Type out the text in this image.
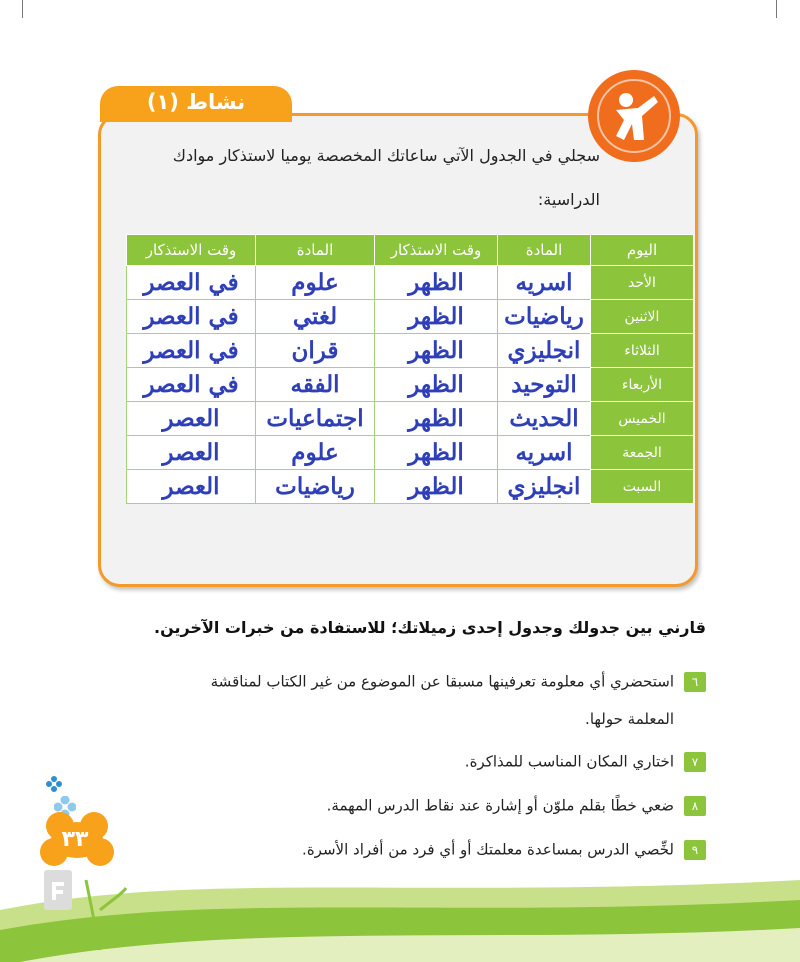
نشاط (١)
سجلي في الجدول الآتي ساعاتك المخصصة يوميا لاستذكار موادك
الدراسية:
اليوم	المادة	وقت الاستذكار	المادة	وقت الاستذكار
الأحد	اسريه	الظهر	علوم	في العصر
الاثنين	رياضيات	الظهر	لغتي	في العصر
الثلاثاء	انجليزي	الظهر	قران	في العصر
الأربعاء	التوحيد	الظهر	الفقه	في العصر
الخميس	الحديث	الظهر	اجتماعيات	العصر
الجمعة	اسريه	الظهر	علوم	العصر
السبت	انجليزي	الظهر	رياضيات	العصر
قارني بين جدولك وجدول إحدى زميلاتك؛ للاستفادة من خبرات الآخرين.
٦استحضري أي معلومة تعرفينها مسبقا عن الموضوع من غير الكتاب لمناقشة
المعلمة حولها.
٧اختاري المكان المناسب للمذاكرة.
٨ضعي خطًا بقلم ملوّن أو إشارة عند نقاط الدرس المهمة.
٩لخِّصي الدرس بمساعدة معلمتك أو أي فرد من أفراد الأسرة.
٣٣
